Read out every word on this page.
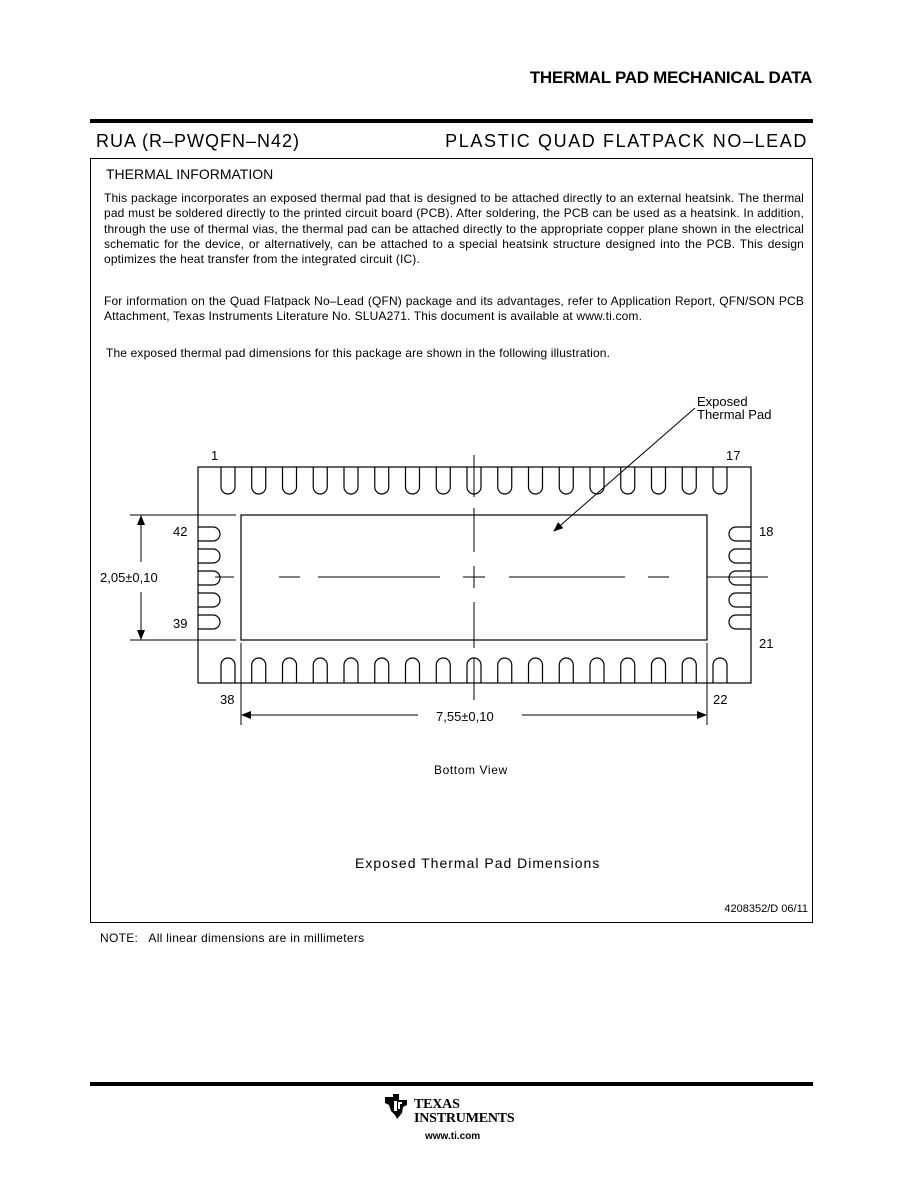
THERMAL PAD MECHANICAL DATA
RUA (R–PWQFN–N42)	PLASTIC QUAD FLATPACK NO–LEAD
THERMAL INFORMATION
This package incorporates an exposed thermal pad that is designed to be attached directly to an external heatsink. The thermal pad must be soldered directly to the printed circuit board (PCB). After soldering, the PCB can be used as a heatsink. In addition, through the use of thermal vias, the thermal pad can be attached directly to the appropriate copper plane shown in the electrical schematic for the device, or alternatively, can be attached to a special heatsink structure designed into the PCB. This design optimizes the heat transfer from the integrated circuit (IC).
For information on the Quad Flatpack No–Lead (QFN) package and its advantages, refer to Application Report, QFN/SON PCB Attachment, Texas Instruments Literature No. SLUA271. This document is available at www.ti.com.
The exposed thermal pad dimensions for this package are shown in the following illustration.
2,05±0,10
7,55±0,10
Exposed
Thermal Pad
1	17
42	18
39
21
38	22
Bottom View
Exposed Thermal Pad Dimensions
4208352/D 06/11
NOTE:   All linear dimensions are in millimeters
TEXAS
INSTRUMENTS
www.ti.com
